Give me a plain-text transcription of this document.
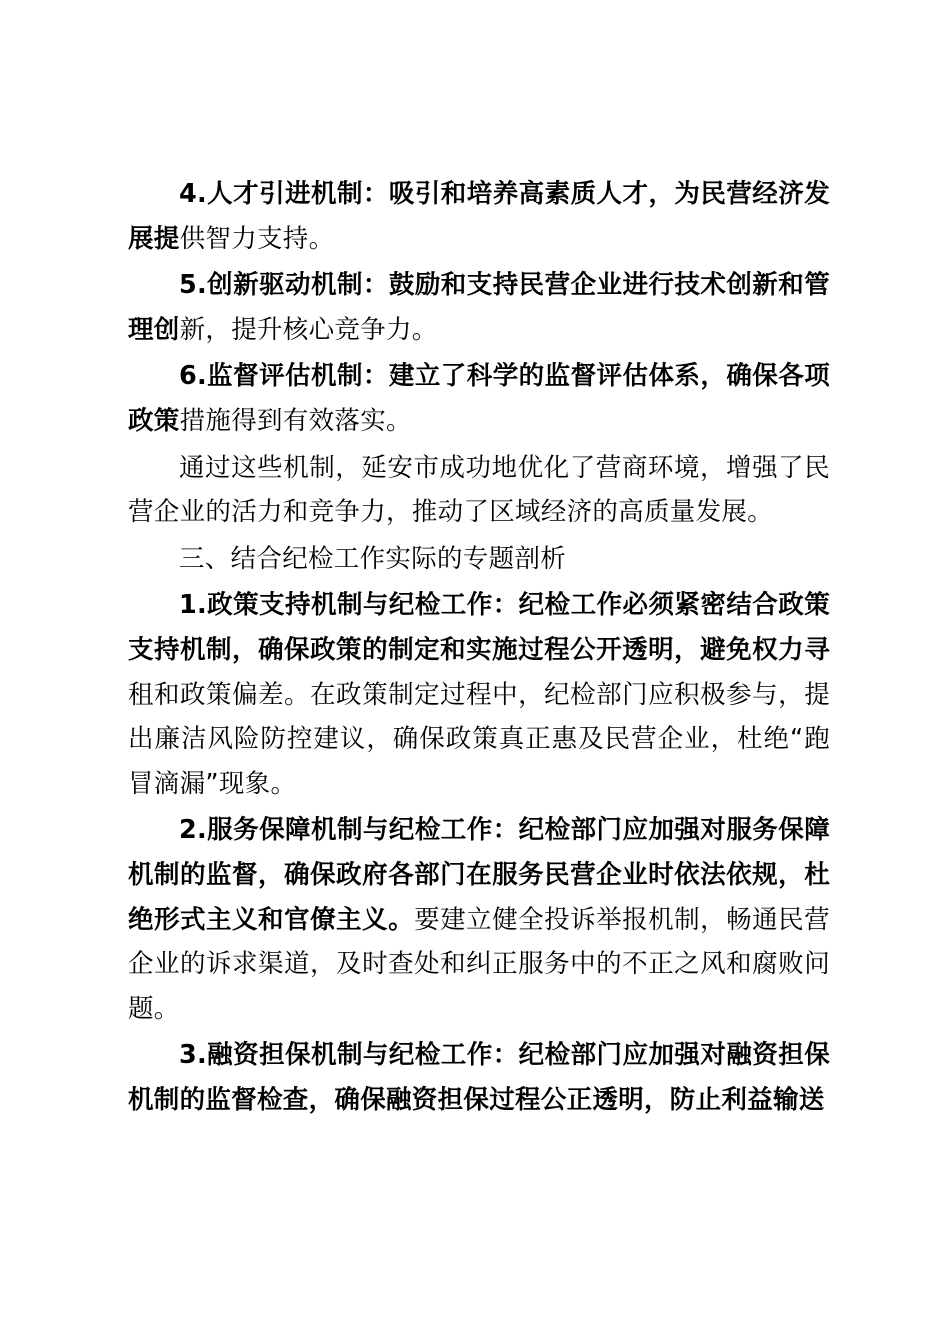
4.人才引进机制：吸引和培养高素质人才，为民营经济发展提供智力支持。

5.创新驱动机制：鼓励和支持民营企业进行技术创新和管理创新，提升核心竞争力。

6.监督评估机制：建立了科学的监督评估体系，确保各项政策措施得到有效落实。

通过这些机制，延安市成功地优化了营商环境，增强了民营企业的活力和竞争力，推动了区域经济的高质量发展。

三、结合纪检工作实际的专题剖析

1.政策支持机制与纪检工作：纪检工作必须紧密结合政策支持机制，确保政策的制定和实施过程公开透明，避免权力寻租和政策偏差。在政策制定过程中，纪检部门应积极参与，提出廉洁风险防控建议，确保政策真正惠及民营企业，杜绝“跑冒滴漏”现象。

2.服务保障机制与纪检工作：纪检部门应加强对服务保障机制的监督，确保政府各部门在服务民营企业时依法依规，杜绝形式主义和官僚主义。要建立健全投诉举报机制，畅通民营企业的诉求渠道，及时查处和纠正服务中的不正之风和腐败问题。

3.融资担保机制与纪检工作：纪检部门应加强对融资担保机制的监督检查，确保融资担保过程公正透明，防止利益输送
